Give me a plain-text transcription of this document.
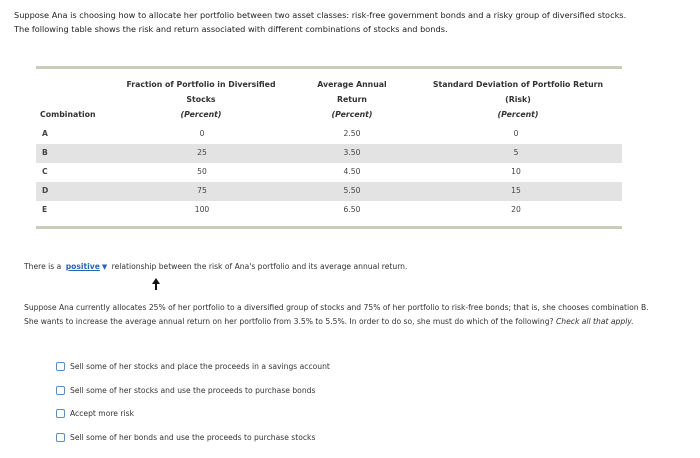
Suppose Ana is choosing how to allocate her portfolio between two asset classes: risk-free government bonds and a risky group of diversified stocks.
The following table shows the risk and return associated with different combinations of stocks and bonds.
Combination
Fraction of Portfolio in Diversified
Stocks
(Percent)
Average Annual
Return
(Percent)
Standard Deviation of Portfolio Return
(Risk)
(Percent)
A	0	2.50	0
B	25	3.50	5
C	50	4.50	10
D	75	5.50	15
E	100	6.50	20
There is a positive ▼ relationship between the risk of Ana's portfolio and its average annual return.
Suppose Ana currently allocates 25% of her portfolio to a diversified group of stocks and 75% of her portfolio to risk-free bonds; that is, she chooses combination B. She wants to increase the average annual return on her portfolio from 3.5% to 5.5%. In order to do so, she must do which of the following? Check all that apply.
Sell some of her stocks and place the proceeds in a savings account
Sell some of her stocks and use the proceeds to purchase bonds
Accept more risk
Sell some of her bonds and use the proceeds to purchase stocks
